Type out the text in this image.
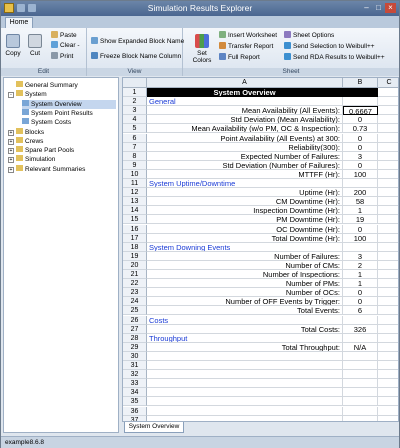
Simulation Results Explorer	– □ ×
Home
Copy	Cut
Paste
Clear -
Print
Edit
Show Expanded Block Name
Freeze Block Name Column
View
Set Colors
Insert Worksheet
Transfer Report
Full Report
Sheet Options
Send Selection to Weibull++
Send RDA Results to Weibull++
Sheet
General Summary
- System
System Overview
System Point Results
System Costs
+ Blocks
+ Crews
+ Spare Part Pools
+ Simulation
+ Relevant Summaries
A	B	C
1	System Overview
2	General
3	Mean Availability (All Events):	0.6667
4	Std Deviation (Mean Availability):	0
5	Mean Availability (w/o PM, OC & Inspection):	0.73
6	Point Availability (All Events) at 300:	0
7	Reliability(300):	0
8	Expected Number of Failures:	3
9	Std Deviation (Number of Failures):	0
10	MTTFF (Hr):	100
11	System Uptime/Downtime
12	Uptime (Hr):	200
13	CM Downtime (Hr):	58
14	Inspection Downtime (Hr):	1
15	PM Downtime (Hr):	19
16	OC Downtime (Hr):	0
17	Total Downtime (Hr):	100
18	System Downing Events
19	Number of Failures:	3
20	Number of CMs:	2
21	Number of Inspections:	1
22	Number of PMs:	1
23	Number of OCs:	0
24	Number of OFF Events by Trigger:	0
25	Total Events:	6
26	Costs
27	Total Costs:	326
28	Throughput
29	Total Throughput:	N/A
30
31
32
33
34
35
36
37
System Overview
example8.6.8
